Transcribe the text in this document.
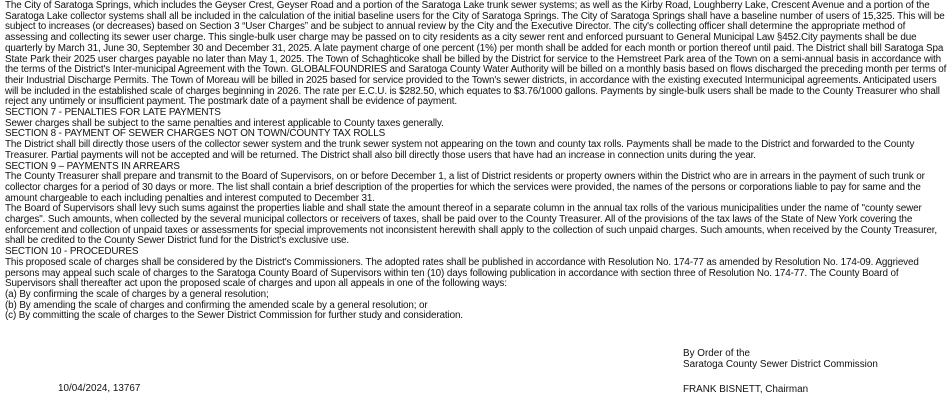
The City of Saratoga Springs, which includes the Geyser Crest, Geyser Road and a portion of the Saratoga Lake trunk sewer systems; as well as the Kirby Road, Loughberry Lake, Crescent Avenue and a portion of the Saratoga Lake collector systems shall all be included in the calculation of the initial baseline users for the City of Saratoga Springs. The City of Saratoga Springs shall have a baseline number of users of 15,325. This will be subject to increases (or decreases) based on Section 3 “User Charges” and be subject to annual review by the City and the Executive Director. The city's collecting officer shall determine the appropriate method of assessing and collecting its sewer user charge. This single-bulk user charge may be passed on to city residents as a city sewer rent and enforced pursuant to General Municipal Law §452.City payments shall be due quarterly by March 31, June 30, September 30 and December 31, 2025. A late payment charge of one percent (1%) per month shall be added for each month or portion thereof until paid. The District shall bill Saratoga Spa State Park their 2025 user charges payable no later than May 1, 2025. The Town of Schaghticoke shall be billed by the District for service to the Hemstreet Park area of the Town on a semi-annual basis in accordance with the terms of the District's Inter-municipal Agreement with the Town. GLOBALFOUNDRIES and Saratoga County Water Authority will be billed on a monthly basis based on flows discharged the preceding month per terms of their Industrial Discharge Permits. The Town of Moreau will be billed in 2025 based for service provided to the Town's sewer districts, in accordance with the existing executed Intermunicipal agreements. Anticipated users will be included in the established scale of charges beginning in 2026. The rate per E.C.U. is $282.50, which equates to $3.76/1000 gallons. Payments by single-bulk users shall be made to the County Treasurer who shall reject any untimely or insufficient payment. The postmark date of a payment shall be evidence of payment.

SECTION 7 - PENALTIES FOR LATE PAYMENTS

Sewer charges shall be subject to the same penalties and interest applicable to County taxes generally.

SECTION 8 - PAYMENT OF SEWER CHARGES NOT ON TOWN/COUNTY TAX ROLLS

The District shall bill directly those users of the collector sewer system and the trunk sewer system not appearing on the town and county tax rolls. Payments shall be made to the District and forwarded to the County Treasurer. Partial payments will not be accepted and will be returned. The District shall also bill directly those users that have had an increase in connection units during the year.

SECTION 9 – PAYMENTS IN ARREARS

The County Treasurer shall prepare and transmit to the Board of Supervisors, on or before December 1, a list of District residents or property owners within the District who are in arrears in the payment of such trunk or collector charges for a period of 30 days or more. The list shall contain a brief description of the properties for which the services were provided, the names of the persons or corporations liable to pay for same and the amount chargeable to each including penalties and interest computed to December 31.

The Board of Supervisors shall levy such sums against the properties liable and shall state the amount thereof in a separate column in the annual tax rolls of the various municipalities under the name of "county sewer charges". Such amounts, when collected by the several municipal collectors or receivers of taxes, shall be paid over to the County Treasurer. All of the provisions of the tax laws of the State of New York covering the enforcement and collection of unpaid taxes or assessments for special improvements not inconsistent herewith shall apply to the collection of such unpaid charges. Such amounts, when received by the County Treasurer, shall be credited to the County Sewer District fund for the District's exclusive use.

SECTION 10 - PROCEDURES

This proposed scale of charges shall be considered by the District's Commissioners. The adopted rates shall be published in accordance with Resolution No. 174-77 as amended by Resolution No. 174-09. Aggrieved persons may appeal such scale of charges to the Saratoga County Board of Supervisors within ten (10) days following publication in accordance with section three of Resolution No. 174-77. The County Board of Supervisors shall thereafter act upon the proposed scale of charges and upon all appeals in one of the following ways:

(a) By confirming the scale of charges by a general resolution;

(b) By amending the scale of charges and confirming the amended scale by a general resolution; or

(c) By committing the scale of charges to the Sewer District Commission for further study and consideration.

By Order of the
Saratoga County Sewer District Commission
FRANK BISNETT, Chairman
10/04/2024, 13767
